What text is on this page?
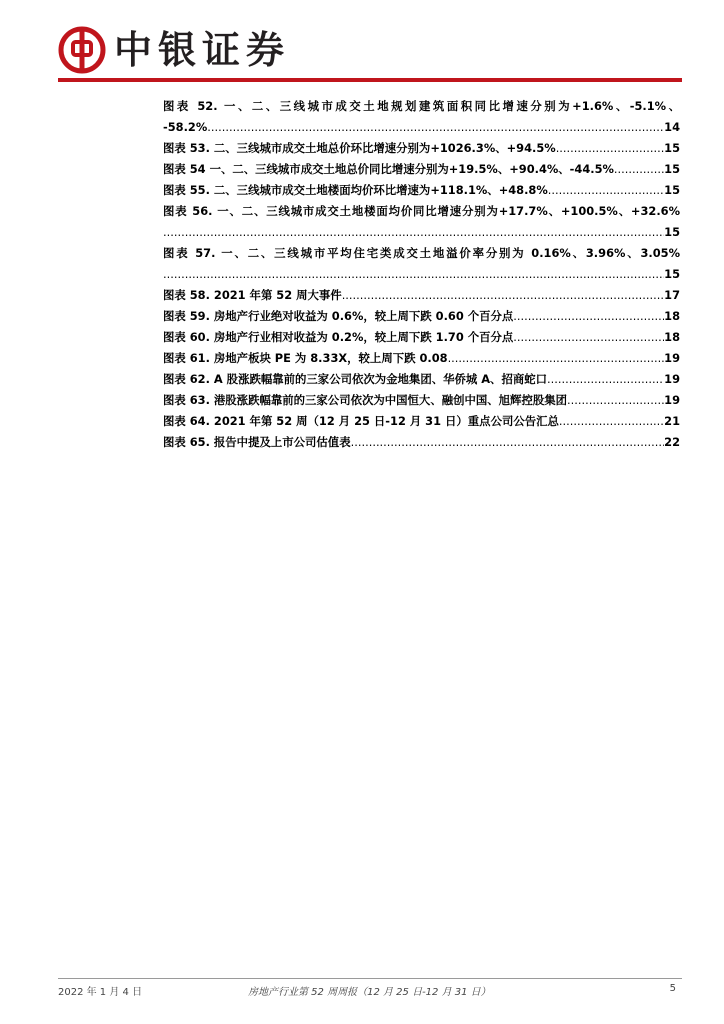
中银证券
图表 52. 一、二、三线城市成交土地规划建筑面积同比增速分别为+1.6%、-5.1%、
-58.2% .....	14
图表 53. 二、三线城市成交土地总价环比增速分别为+1026.3%、+94.5% .....	15
图表 54 一、二、三线城市成交土地总价同比增速分别为+19.5%、+90.4%、-44.5% .....	15
图表 55. 二、三线城市成交土地楼面均价环比增速为+118.1%、+48.8% .....	15
图表 56. 一、二、三线城市成交土地楼面均价同比增速分别为+17.7%、+100.5%、+32.6%
.....
15
图表 57. 一、二、三线城市平均住宅类成交土地溢价率分别为 0.16%、3.96%、3.05%
.....
15
图表 58. 2021 年第 52 周大事件 .....	17
图表 59. 房地产行业绝对收益为 0.6%，较上周下跌 0.60 个百分点 .....	18
图表 60. 房地产行业相对收益为 0.2%，较上周下跌 1.70 个百分点 .....	18
图表 61. 房地产板块 PE 为 8.33X，较上周下跌 0.08 .....	19
图表 62. A 股涨跌幅靠前的三家公司依次为金地集团、华侨城 A、招商蛇口 .....	19
图表 63. 港股涨跌幅靠前的三家公司依次为中国恒大、融创中国、旭辉控股集团 .....	19
图表 64. 2021 年第 52 周（12 月 25 日-12 月 31 日）重点公司公告汇总 .....	21
图表 65. 报告中提及上市公司估值表 .....	22
2022 年 1 月 4 日	房地产行业第 52 周周报（12 月 25 日-12 月 31 日）	5
